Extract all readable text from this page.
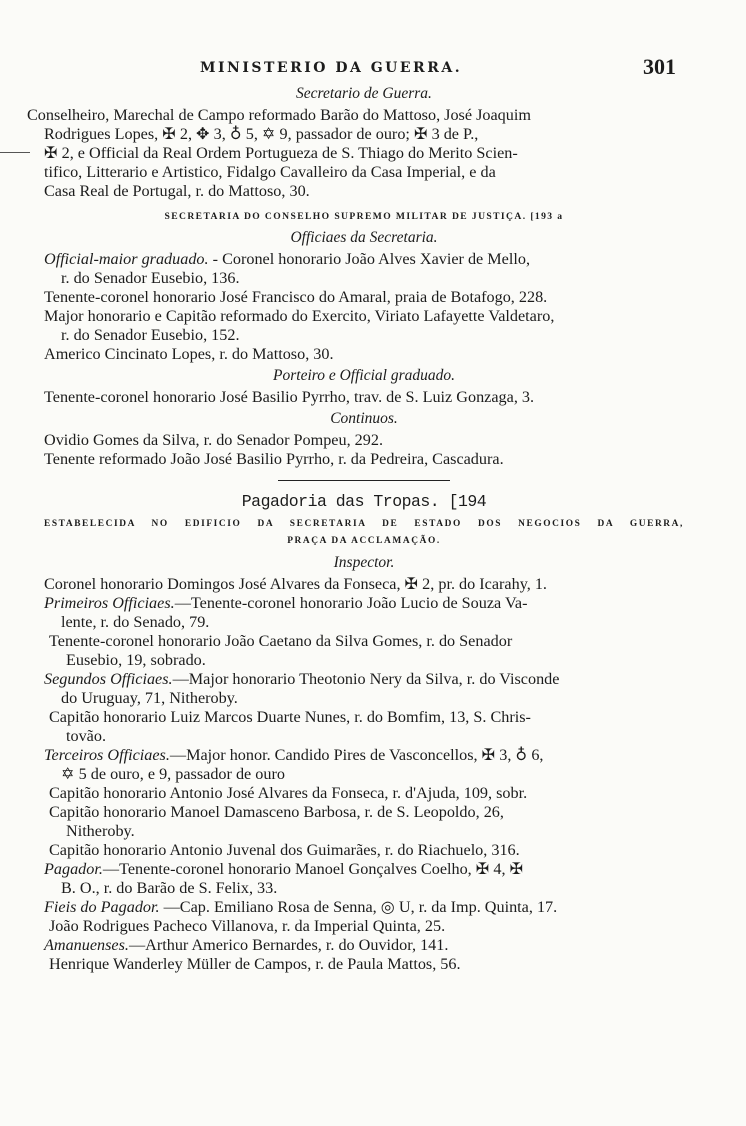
MINISTERIO DA GUERRA.	301
Secretario de Guerra.

Conselheiro, Marechal de Campo reformado Barão do Mattoso, José Joaquim

Rodrigues Lopes, ✠ 2, ✥ 3, ♁ 5, ✡ 9, passador de ouro; ✠ 3 de P.,

✠ 2, e Official da Real Ordem Portugueza de S. Thiago do Merito Scien-

tifico, Litterario e Artistico, Fidalgo Cavalleiro da Casa Imperial, e da

Casa Real de Portugal, r. do Mattoso, 30.

SECRETARIA DO CONSELHO SUPREMO MILITAR DE JUSTIÇA. [193 a
Officiaes da Secretaria.
Official-maior graduado. - Coronel honorario João Alves Xavier de Mello,
r. do Senador Eusebio, 136.
Tenente-coronel honorario José Francisco do Amaral, praia de Botafogo, 228.
Major honorario e Capitão reformado do Exercito, Viriato Lafayette Valdetaro,
r. do Senador Eusebio, 152.
Americo Cincinato Lopes, r. do Mattoso, 30.
Porteiro e Official graduado.
Tenente-coronel honorario José Basilio Pyrrho, trav. de S. Luiz Gonzaga, 3.
Continuos.
Ovidio Gomes da Silva, r. do Senador Pompeu, 292.
Tenente reformado João José Basilio Pyrrho, r. da Pedreira, Cascadura.
Pagadoria das Tropas. [194
ESTABELECIDA NO EDIFICIO DA SECRETARIA DE ESTADO DOS NEGOCIOS DA GUERRA,
PRAÇA DA ACCLAMAÇÃO.
Inspector.
Coronel honorario Domingos José Alvares da Fonseca, ✠ 2, pr. do Icarahy, 1.
Primeiros Officiaes.—Tenente-coronel honorario João Lucio de Souza Va-
lente, r. do Senado, 79.
Tenente-coronel honorario João Caetano da Silva Gomes, r. do Senador
Eusebio, 19, sobrado.
Segundos Officiaes.—Major honorario Theotonio Nery da Silva, r. do Visconde
do Uruguay, 71, Nitheroby.
Capitão honorario Luiz Marcos Duarte Nunes, r. do Bomfim, 13, S. Chris-
tovão.
Terceiros Officiaes.—Major honor. Candido Pires de Vasconcellos, ✠ 3, ♁ 6,
✡ 5 de ouro, e 9, passador de ouro
Capitão honorario Antonio José Alvares da Fonseca, r. d'Ajuda, 109, sobr.
Capitão honorario Manoel Damasceno Barbosa, r. de S. Leopoldo, 26,
Nitheroby.
Capitão honorario Antonio Juvenal dos Guimarães, r. do Riachuelo, 316.
Pagador.—Tenente-coronel honorario Manoel Gonçalves Coelho, ✠ 4, ✠
B. O., r. do Barão de S. Felix, 33.
Fieis do Pagador. —Cap. Emiliano Rosa de Senna, ◎ U, r. da Imp. Quinta, 17.
João Rodrigues Pacheco Villanova, r. da Imperial Quinta, 25.
Amanuenses.—Arthur Americo Bernardes, r. do Ouvidor, 141.
Henrique Wanderley Müller de Campos, r. de Paula Mattos, 56.
